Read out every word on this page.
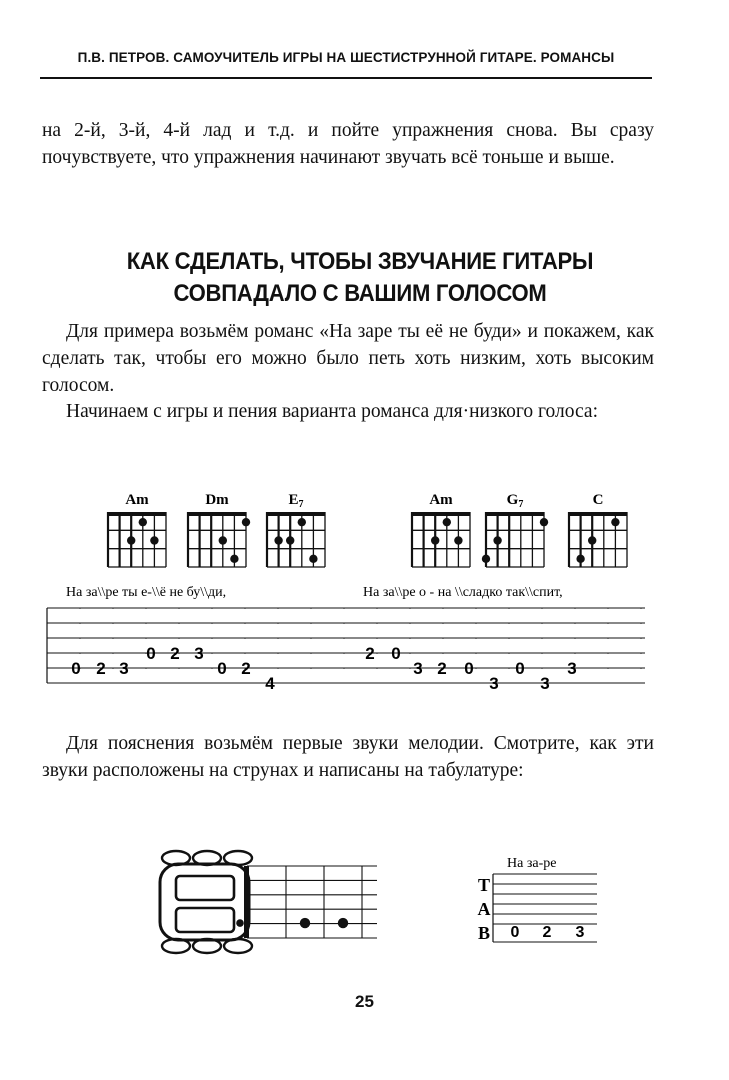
П.В. ПЕТРОВ. САМОУЧИТЕЛЬ ИГРЫ НА ШЕСТИСТРУННОЙ ГИТАРЕ. РОМАНСЫ

на 2-й, 3-й, 4-й лад и т.д. и пойте упражнения снова. Вы сразу почувствуете, что упражнения начинают звучать всё тоньше и выше.

КАК СДЕЛАТЬ, ЧТОБЫ ЗВУЧАНИЕ ГИТАРЫ
СОВПАДАЛО С ВАШИМ ГОЛОСОМ

Для примера возьмём романс «На заре ты её не буди» и покажем, как сделать так, чтобы его можно было петь хоть низким, хоть высоким голосом.

Начинаем с игры и пения варианта романса для·низкого голоса:

Am	Dm	$E_7$	Am	$G_7$	C
На за\\ре ты е-\\ё не бу\\ди,	На за\\ре о - на \\сладко так\\спит,
0 2 3
0 2 3
0 2
4
2 0
3 2 0
3
0
3
3
На за-ре
T
A
B 0 2 3

Для пояснения возьмём первые звуки мелодии. Смотрите, как эти звуки расположены на струнах и написаны на табулатуре:

25
